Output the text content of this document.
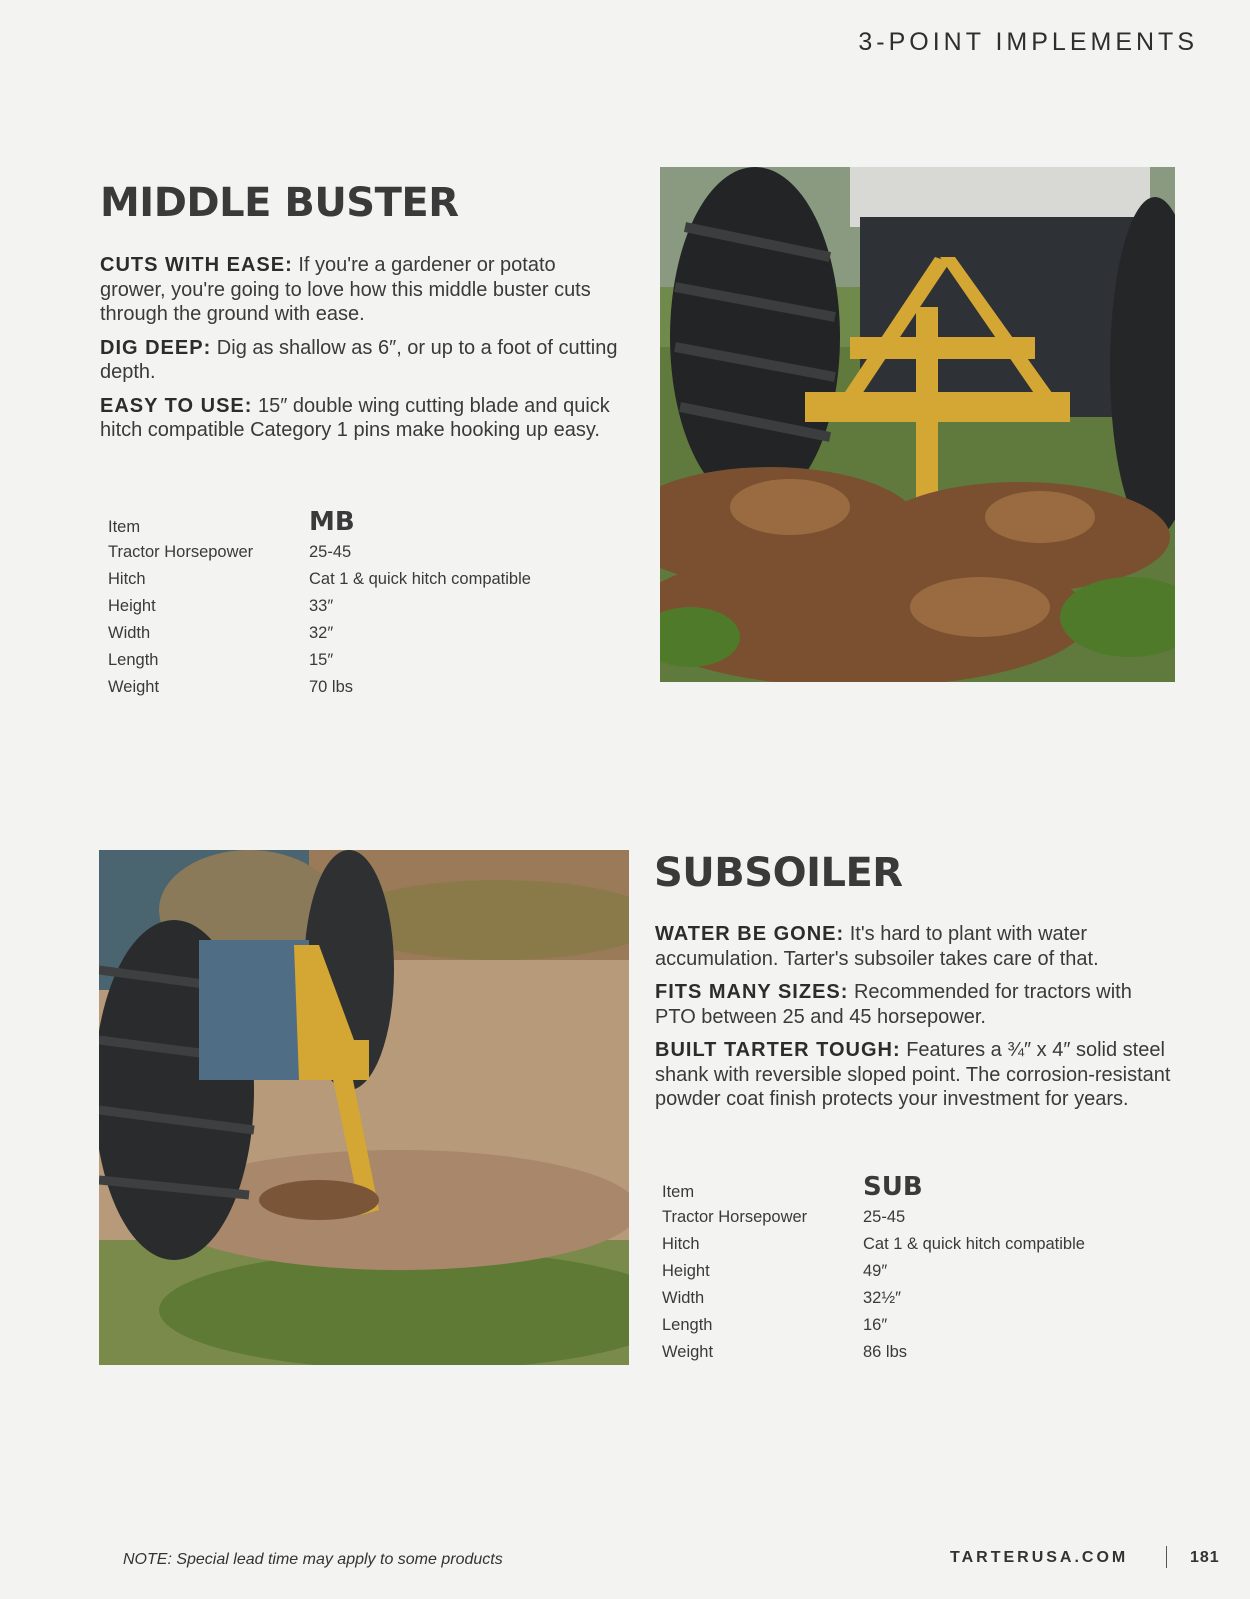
3-POINT IMPLEMENTS
MIDDLE BUSTER

CUTS WITH EASE: If you're a gardener or potato grower, you're going to love how this middle buster cuts through the ground with ease.

DIG DEEP: Dig as shallow as 6″, or up to a foot of cutting depth.

EASY TO USE: 15″ double wing cutting blade and quick hitch compatible Category 1 pins make hooking up easy.

Item	MB
Tractor Horsepower	25-45
Hitch	Cat 1 & quick hitch compatible
Height	33″
Width	32″
Length	15″
Weight	70 lbs
SUBSOILER

WATER BE GONE: It's hard to plant with water accumulation. Tarter's subsoiler takes care of that.

FITS MANY SIZES: Recommended for tractors with PTO between 25 and 45 horsepower.

BUILT TARTER TOUGH: Features a ¾″ x 4″ solid steel shank with reversible sloped point. The corrosion-resistant powder coat finish protects your investment for years.

Item	SUB
Tractor Horsepower	25-45
Hitch	Cat 1 & quick hitch compatible
Height	49″
Width	32½″
Length	16″
Weight	86 lbs
NOTE: Special lead time may apply to some products	TARTERUSA.COM	181
